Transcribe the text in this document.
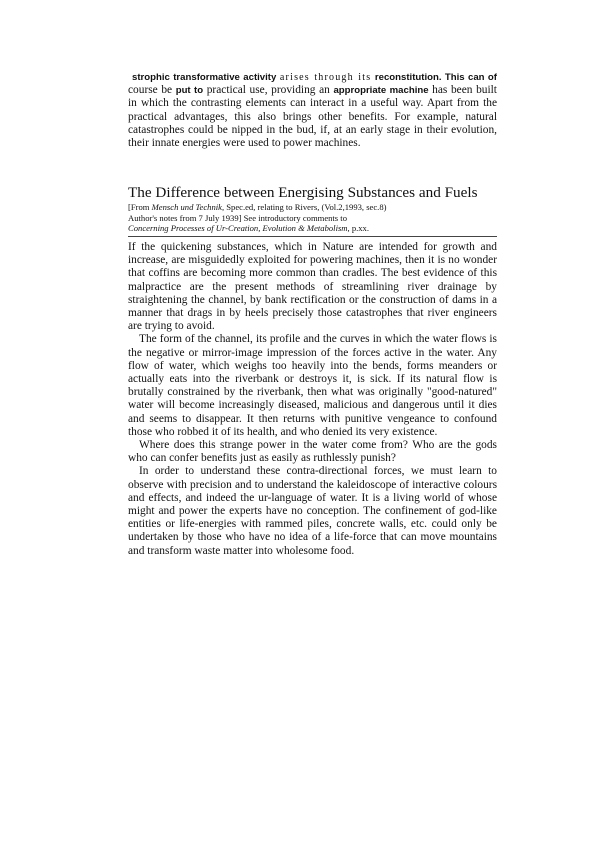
strophic transformative activity arises through its reconstitution. This can of course be put to practical use, providing an appropriate machine has been built in which the contrasting elements can interact in a useful way. Apart from the practical advantages, this also brings other benefits. For example, natural catastrophes could be nipped in the bud, if, at an early stage in their evolution, their innate energies were used to power machines.

The Difference between Energising Substances and Fuels

[From Mensch und Technik, Spec.ed, relating to Rivers, (Vol.2,1993, sec.8)

Author's notes from 7 July 1939] See introductory comments to

Concerning Processes of Ur-Creation, Evolution & Metabolism, p.xx.

If the quickening substances, which in Nature are intended for growth and increase, are misguidedly exploited for powering machines, then it is no wonder that coffins are becoming more common than cradles. The best evidence of this malpractice are the present methods of streamlining river drainage by straightening the channel, by bank rectification or the construction of dams in a manner that drags in by heels precisely those catastrophes that river engineers are trying to avoid.

The form of the channel, its profile and the curves in which the water flows is the negative or mirror-image impression of the forces active in the water. Any flow of water, which weighs too heavily into the bends, forms meanders or actually eats into the riverbank or destroys it, is sick. If its natural flow is brutally constrained by the riverbank, then what was originally "good-natured" water will become increasingly diseased, malicious and dangerous until it dies and seems to disappear. It then returns with punitive vengeance to confound those who robbed it of its health, and who denied its very existence.

Where does this strange power in the water come from? Who are the gods who can confer benefits just as easily as ruthlessly punish?

In order to understand these contra-directional forces, we must learn to observe with precision and to understand the kaleidoscope of interactive colours and effects, and indeed the ur-language of water. It is a living world of whose might and power the experts have no conception. The confinement of god-like entities or life-energies with rammed piles, concrete walls, etc. could only be undertaken by those who have no idea of a life-force that can move mountains and transform waste matter into wholesome food.
